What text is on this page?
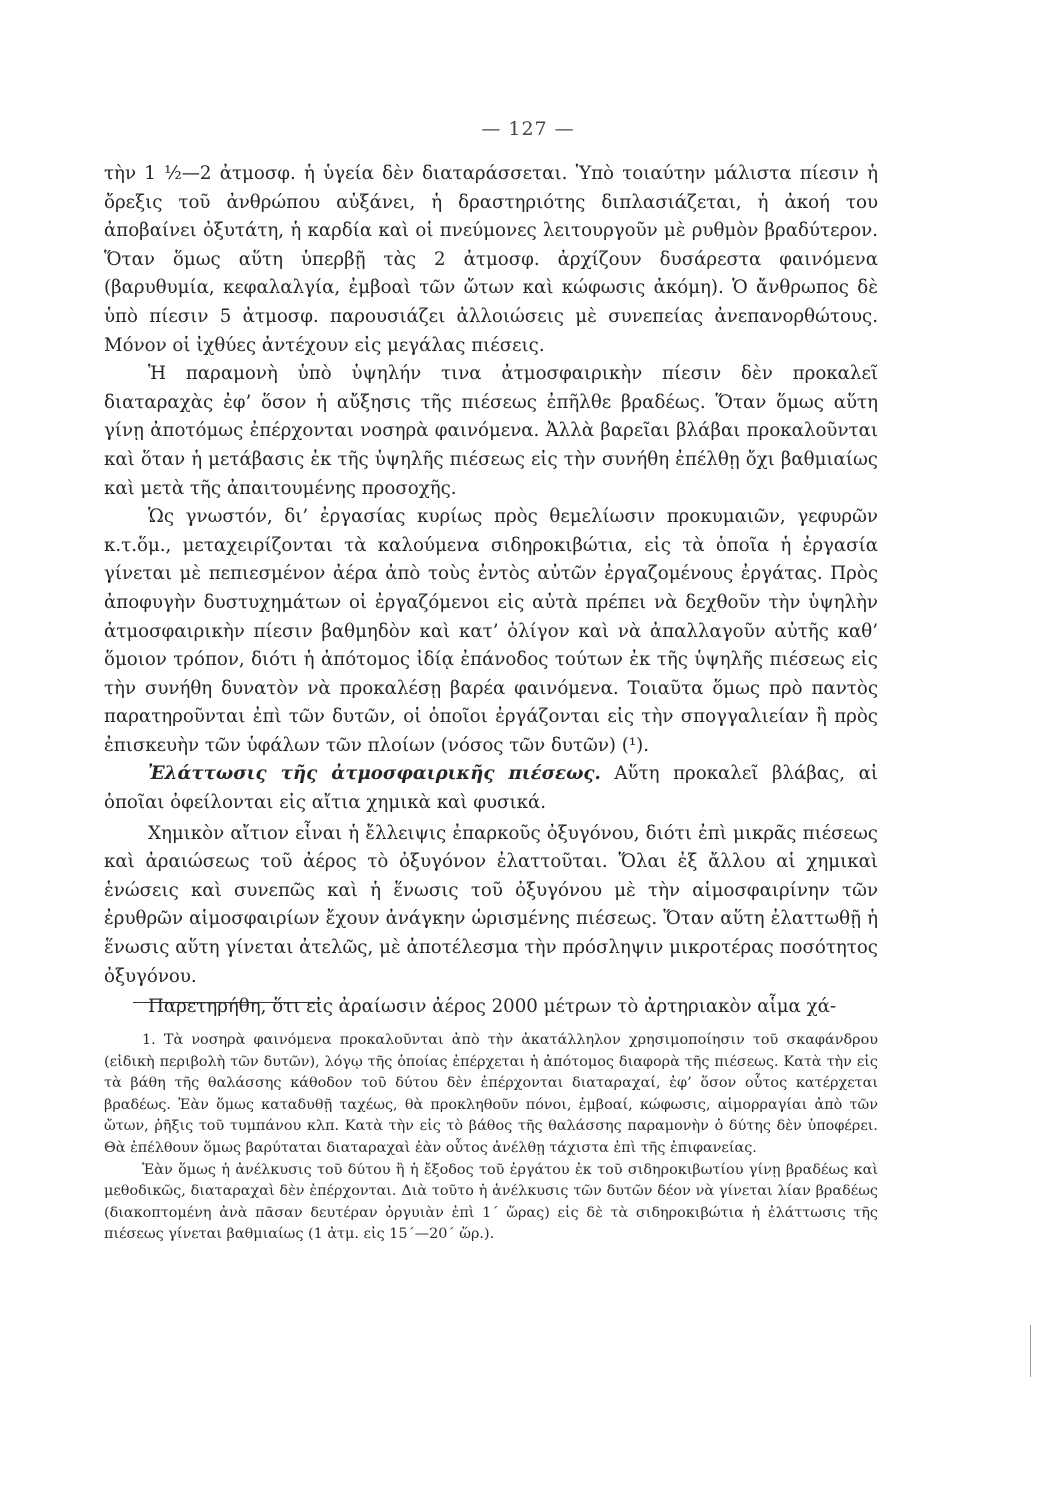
— 127 —

τὴν 1 ½—2 ἀτμοσφ. ἡ ὑγεία δὲν διαταράσσεται. Ὑπὸ τοιαύτην μάλιστα πίεσιν ἡ ὄρεξις τοῦ ἀνθρώπου αὐξάνει, ἡ δραστηριότης διπλασιάζεται, ἡ ἀκοή του ἀποβαίνει ὀξυτάτη, ἡ καρδία καὶ οἱ πνεύμονες λειτουργοῦν μὲ ρυθμὸν βραδύτερον. Ὅταν ὅμως αὕτη ὑπερβῇ τὰς 2 ἀτμοσφ. ἀρχίζουν δυσάρεστα φαινόμενα (βαρυθυμία, κεφαλαλγία, ἐμβοαὶ τῶν ὤτων καὶ κώφωσις ἀκόμη). Ὁ ἄνθρωπος δὲ ὑπὸ πίεσιν 5 ἀτμοσφ. παρουσιάζει ἀλλοιώσεις μὲ συνεπείας ἀνεπανορθώτους. Μόνον οἱ ἰχθύες ἀντέχουν εἰς μεγάλας πιέσεις.

Ἡ παραμονὴ ὑπὸ ὑψηλήν τινα ἀτμοσφαιρικὴν πίεσιν δὲν προκαλεῖ διαταραχὰς ἐφ’ ὅσον ἡ αὔξησις τῆς πιέσεως ἐπῆλθε βραδέως. Ὅταν ὅμως αὕτη γίνῃ ἀποτόμως ἐπέρχονται νοσηρὰ φαινόμενα. Ἀλλὰ βαρεῖαι βλάβαι προκαλοῦνται καὶ ὅταν ἡ μετάβασις ἐκ τῆς ὑψηλῆς πιέσεως εἰς τὴν συνήθη ἐπέλθῃ ὄχι βαθμιαίως καὶ μετὰ τῆς ἀπαιτουμένης προσοχῆς.

Ὡς γνωστόν, δι’ ἐργασίας κυρίως πρὸς θεμελίωσιν προκυμαιῶν, γεφυρῶν κ.τ.ὅμ., μεταχειρίζονται τὰ καλούμενα σιδηροκιβώτια, εἰς τὰ ὁποῖα ἡ ἐργασία γίνεται μὲ πεπιεσμένον ἀέρα ἀπὸ τοὺς ἐντὸς αὐτῶν ἐργαζομένους ἐργάτας. Πρὸς ἀποφυγὴν δυστυχημάτων οἱ ἐργαζόμενοι εἰς αὐτὰ πρέπει νὰ δεχθοῦν τὴν ὑψηλὴν ἀτμοσφαιρικὴν πίεσιν βαθμηδὸν καὶ κατ’ ὀλίγον καὶ νὰ ἀπαλλαγοῦν αὐτῆς καθ’ ὅμοιον τρόπον, διότι ἡ ἀπότομος ἰδίᾳ ἐπάνοδος τούτων ἐκ τῆς ὑψηλῆς πιέσεως εἰς τὴν συνήθη δυνατὸν νὰ προκαλέσῃ βαρέα φαινόμενα. Τοιαῦτα ὅμως πρὸ παντὸς παρατηροῦνται ἐπὶ τῶν δυτῶν, οἱ ὁποῖοι ἐργάζονται εἰς τὴν σπογγαλιείαν ἢ πρὸς ἐπισκευὴν τῶν ὑφάλων τῶν πλοίων (νόσος τῶν δυτῶν) (¹).

Ἐλάττωσις τῆς ἀτμοσφαιρικῆς πιέσεως. Αὕτη προκαλεῖ βλάβας, αἱ ὁποῖαι ὀφείλονται εἰς αἴτια χημικὰ καὶ φυσικά.

Χημικὸν αἴτιον εἶναι ἡ ἔλλειψις ἐπαρκοῦς ὀξυγόνου, διότι ἐπὶ μικρᾶς πιέσεως καὶ ἀραιώσεως τοῦ ἀέρος τὸ ὀξυγόνον ἐλαττοῦται. Ὅλαι ἐξ ἄλλου αἱ χημικαὶ ἑνώσεις καὶ συνεπῶς καὶ ἡ ἕνωσις τοῦ ὀξυγόνου μὲ τὴν αἱμοσφαιρίνην τῶν ἐρυθρῶν αἱμοσφαιρίων ἔχουν ἀνάγκην ὡρισμένης πιέσεως. Ὅταν αὕτη ἐλαττωθῇ ἡ ἕνωσις αὕτη γίνεται ἀτελῶς, μὲ ἀποτέλεσμα τὴν πρόσληψιν μικροτέρας ποσότητος ὀξυγόνου.

Παρετηρήθη, ὅτι εἰς ἀραίωσιν ἀέρος 2000 μέτρων τὸ ἀρτηριακὸν αἷμα χά-

1. Τὰ νοσηρὰ φαινόμενα προκαλοῦνται ἀπὸ τὴν ἀκατάλληλον χρησιμοποίησιν τοῦ σκαφάνδρου (εἰδικὴ περιβολὴ τῶν δυτῶν), λόγῳ τῆς ὁποίας ἐπέρχεται ἡ ἀπότομος διαφορὰ τῆς πιέσεως. Κατὰ τὴν εἰς τὰ βάθη τῆς θαλάσσης κάθοδον τοῦ δύτου δὲν ἐπέρχονται διαταραχαί, ἐφ’ ὅσον οὗτος κατέρχεται βραδέως. Ἐὰν ὅμως καταδυθῇ ταχέως, θὰ προκληθοῦν πόνοι, ἐμβοαί, κώφωσις, αἱμορραγίαι ἀπὸ τῶν ὤτων, ῥῆξις τοῦ τυμπάνου κλπ. Κατὰ τὴν εἰς τὸ βάθος τῆς θαλάσσης παραμονὴν ὁ δύτης δὲν ὑποφέρει. Θὰ ἐπέλθουν ὅμως βαρύταται διαταραχαὶ ἐὰν οὗτος ἀνέλθῃ τάχιστα ἐπὶ τῆς ἐπιφανείας.

Ἐὰν ὅμως ἡ ἀνέλκυσις τοῦ δύτου ἢ ἡ ἔξοδος τοῦ ἐργάτου ἐκ τοῦ σιδηροκιβωτίου γίνῃ βραδέως καὶ μεθοδικῶς, διαταραχαὶ δὲν ἐπέρχονται. Διὰ τοῦτο ἡ ἀνέλκυσις τῶν δυτῶν δέον νὰ γίνεται λίαν βραδέως (διακοπτομένη ἀνὰ πᾶσαν δευτέραν ὀργυιὰν ἐπὶ 1΄ ὥρας) εἰς δὲ τὰ σιδηροκιβώτια ἡ ἐλάττωσις τῆς πιέσεως γίνεται βαθμιαίως (1 ἀτμ. εἰς 15΄—20΄ ὥρ.).
